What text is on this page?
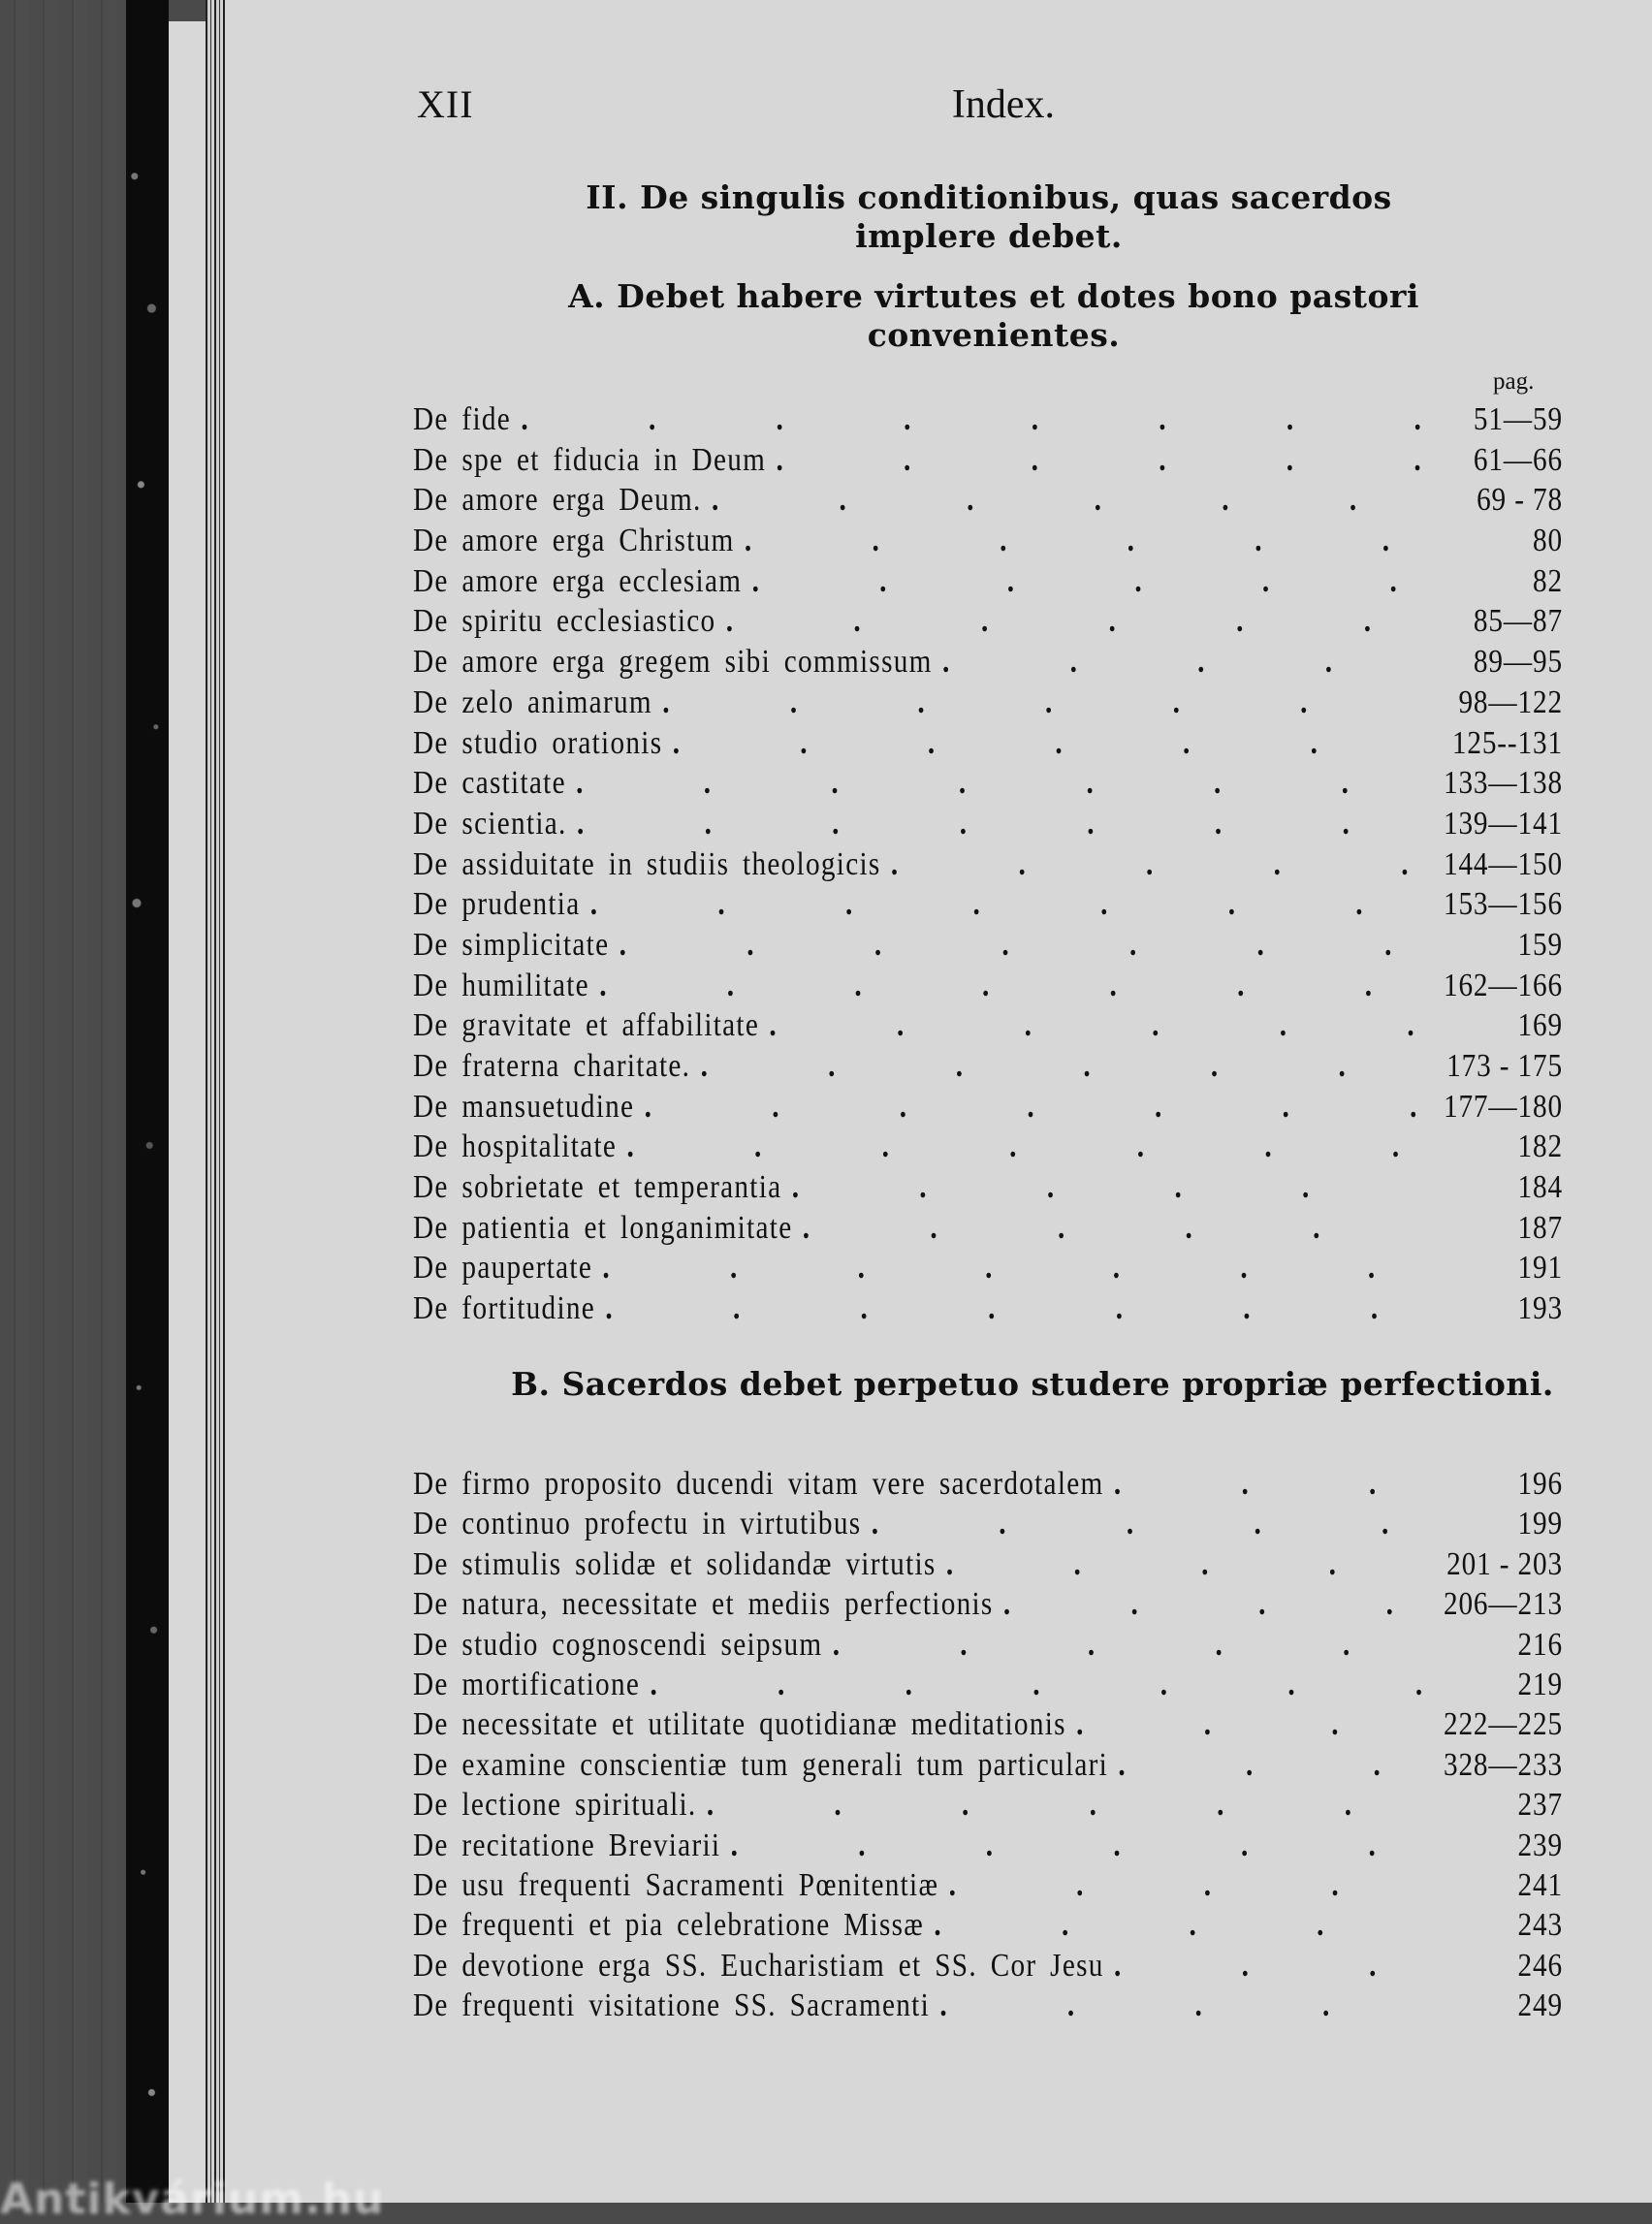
XII	Index.
II. De singulis conditionibus, quas sacerdos implere debet.
A. Debet habere virtutes et dotes bono pastori convenientes.
pag.
De fide .	51—59
De spe et fiducia in Deum .	61—66
De amore erga Deum. .	69 - 78
De amore erga Christum .	80
De amore erga ecclesiam .	82
De spiritu ecclesiastico .	85—87
De amore erga gregem sibi commissum .	89—95
De zelo animarum .	98—122
De studio orationis .	125--131
De castitate .	133—138
De scientia. .	139—141
De assiduitate in studiis theologicis .	144—150
De prudentia .	153—156
De simplicitate .	159
De humilitate .	162—166
De gravitate et affabilitate .	169
De fraterna charitate. .	173 - 175
De mansuetudine .	177—180
De hospitalitate .	182
De sobrietate et temperantia .	184
De patientia et longanimitate .	187
De paupertate .	191
De fortitudine .	193
B. Sacerdos debet perpetuo studere propriæ perfectioni.
De firmo proposito ducendi vitam vere sacerdotalem .	196
De continuo profectu in virtutibus .	199
De stimulis solidæ et solidandæ virtutis .	201 - 203
De natura, necessitate et mediis perfectionis .	206—213
De studio cognoscendi seipsum .	216
De mortificatione .	219
De necessitate et utilitate quotidianæ meditationis .	222—225
De examine conscientiæ tum generali tum particulari .	328—233
De lectione spirituali. .	237
De recitatione Breviarii .	239
De usu frequenti Sacramenti Pœnitentiæ .	241
De frequenti et pia celebratione Missæ .	243
De devotione erga SS. Eucharistiam et SS. Cor Jesu .	246
De frequenti visitatione SS. Sacramenti .	249
Antikvárium.hu
